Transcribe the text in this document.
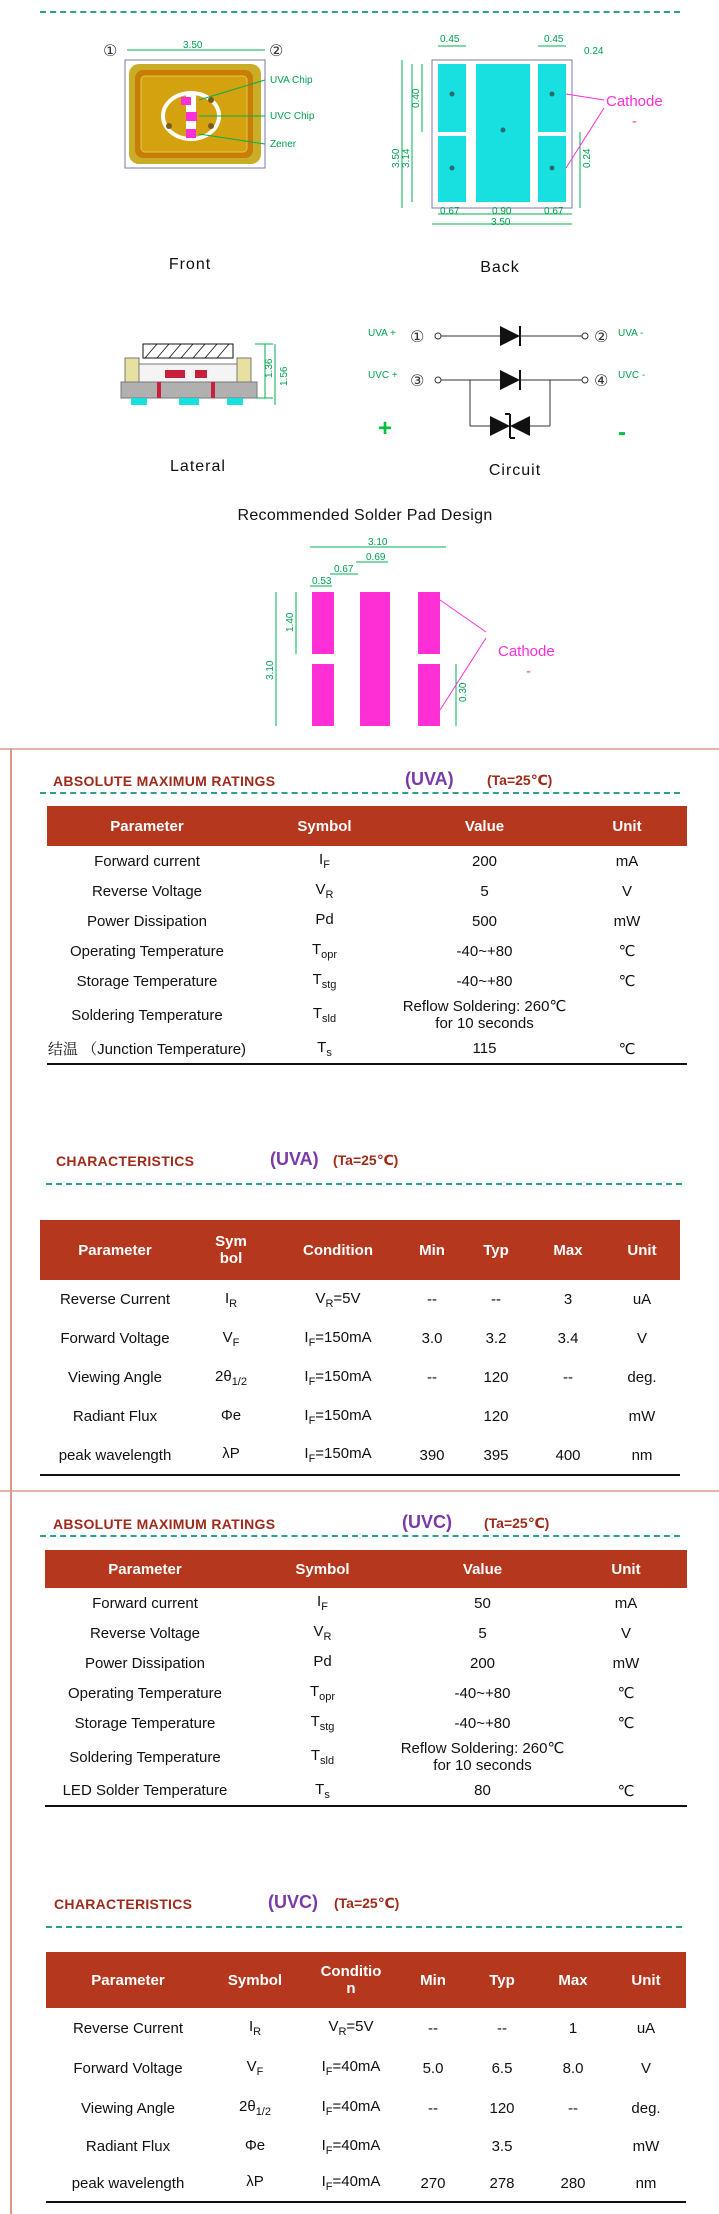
①	②
3.50
UVA Chip
UVC Chip
Zener
Front
0.45	0.45
0.24
3.50 3.14
0.40
0.24
0.67	0.90	0.67
3.50
Cathode
-
Back
1.36 1.56
Lateral
UVA + ①	② UVA -
UVC + ③	④ UVC -
+	-
Circuit
Recommended Solder Pad Design
3.10
0.69
0.67
0.53
3.10
1.40
0.30
Cathode
-
ABSOLUTE MAXIMUM RATINGS	(UVA) (Ta=25℃)
Parameter	Symbol	Value	Unit
Forward current	$I_F$	200	mA
Reverse Voltage	$V_R$	5	V
Power Dissipation	Pd	500	mW
Operating Temperature	$T_{opr}$	-40~+80	℃
Storage Temperature	$T_{stg}$	-40~+80	℃
Soldering Temperature	$T_{sld}$	Reflow Soldering: 260℃ for 10 seconds	
结温 （Junction Temperature)	$T_s$	115	℃
CHARACTERISTICS	(UVA) (Ta=25℃)
Parameter	Sym bol	Condition	Min	Typ	Max	Unit
Reverse Current	$I_R$	$V_R=5V$	--	--	3	uA
Forward Voltage	$V_F$	$I_F=150mA$	3.0	3.2	3.4	V
Viewing Angle	$2\theta_{1/2}$	$I_F=150mA$	--	120	--	deg.
Radiant Flux	Φe	$I_F=150mA$		120		mW
peak wavelength	λP	$I_F=150mA$	390	395	400	nm
ABSOLUTE MAXIMUM RATINGS	(UVC) (Ta=25℃)
Parameter	Symbol	Value	Unit
Forward current	$I_F$	50	mA
Reverse Voltage	$V_R$	5	V
Power Dissipation	Pd	200	mW
Operating Temperature	$T_{opr}$	-40~+80	℃
Storage Temperature	$T_{stg}$	-40~+80	℃
Soldering Temperature	$T_{sld}$	Reflow Soldering: 260℃ for 10 seconds	
LED Solder Temperature	$T_s$	80	℃
CHARACTERISTICS	(UVC) (Ta=25℃)
Parameter	Symbol	Conditio n	Min	Typ	Max	Unit
Reverse Current	$I_R$	$V_R=5V$	--	--	1	uA
Forward Voltage	$V_F$	$I_F=40mA$	5.0	6.5	8.0	V
Viewing Angle	$2\theta_{1/2}$	$I_F=40mA$	--	120	--	deg.
Radiant Flux	Φe	$I_F=40mA$		3.5		mW
peak wavelength	λP	$I_F=40mA$	270	278	280	nm
